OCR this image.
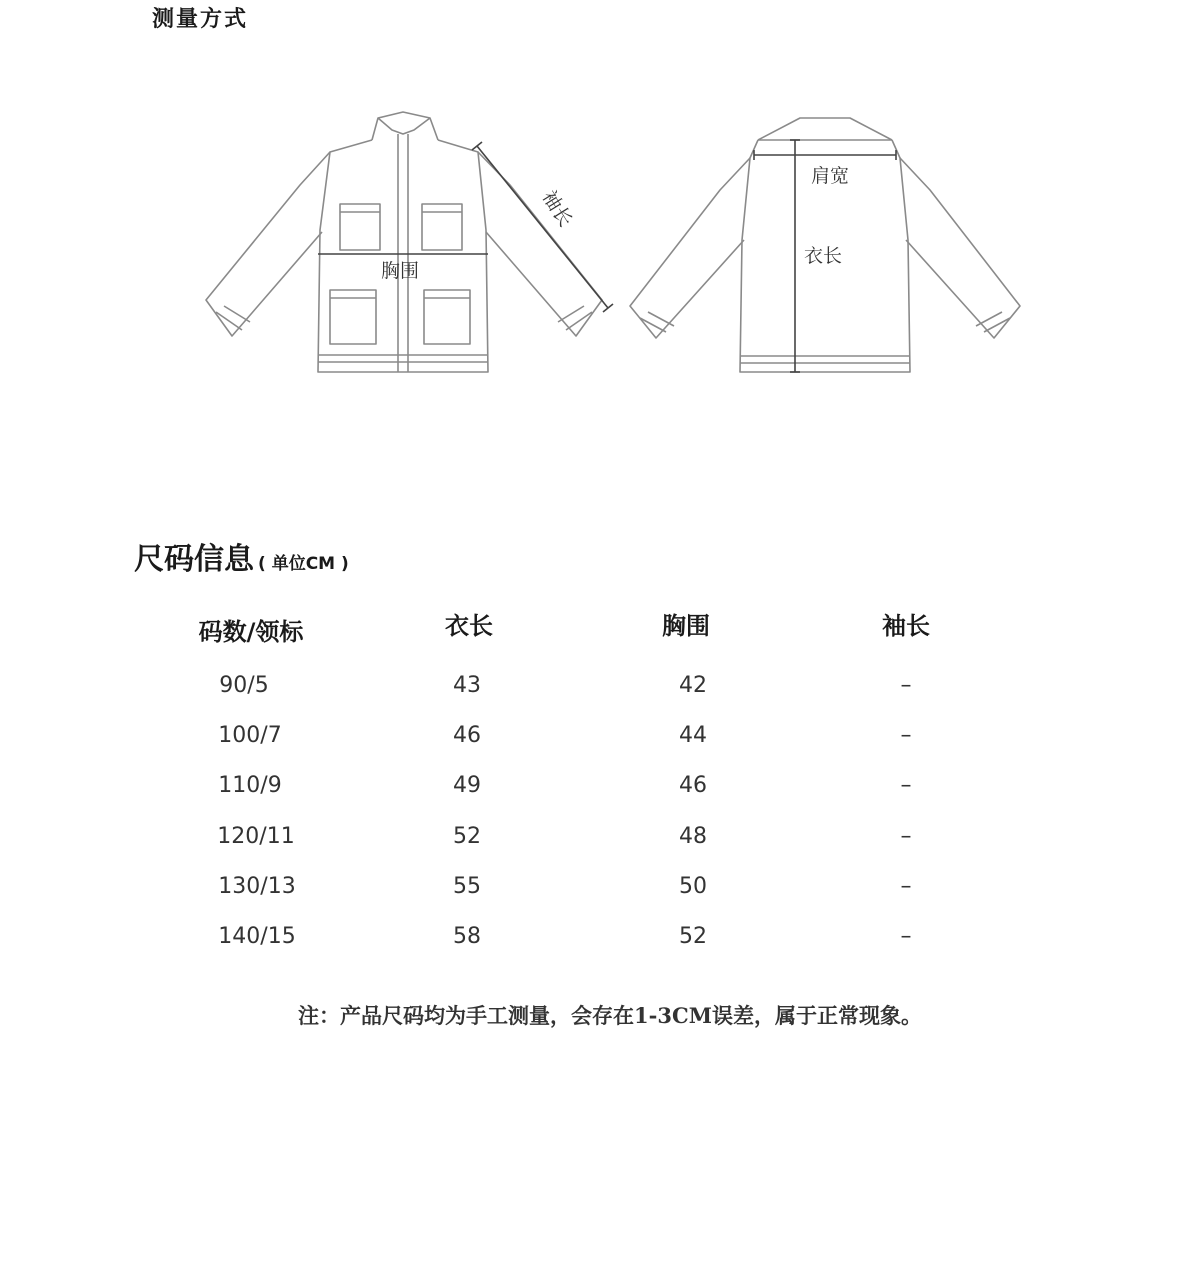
测量方式
胸围
袖长
肩宽
衣长
尺码信息 ( 单位CM )
码数/领标	衣长	胸围	袖长
90/5	43	42	–
100/7	46	44	–
110/9	49	46	–
120/11	52	48	–
130/13	55	50	–
140/15	58	52	–
注：产品尺码均为手工测量，会存在1-3CM误差，属于正常现象。
